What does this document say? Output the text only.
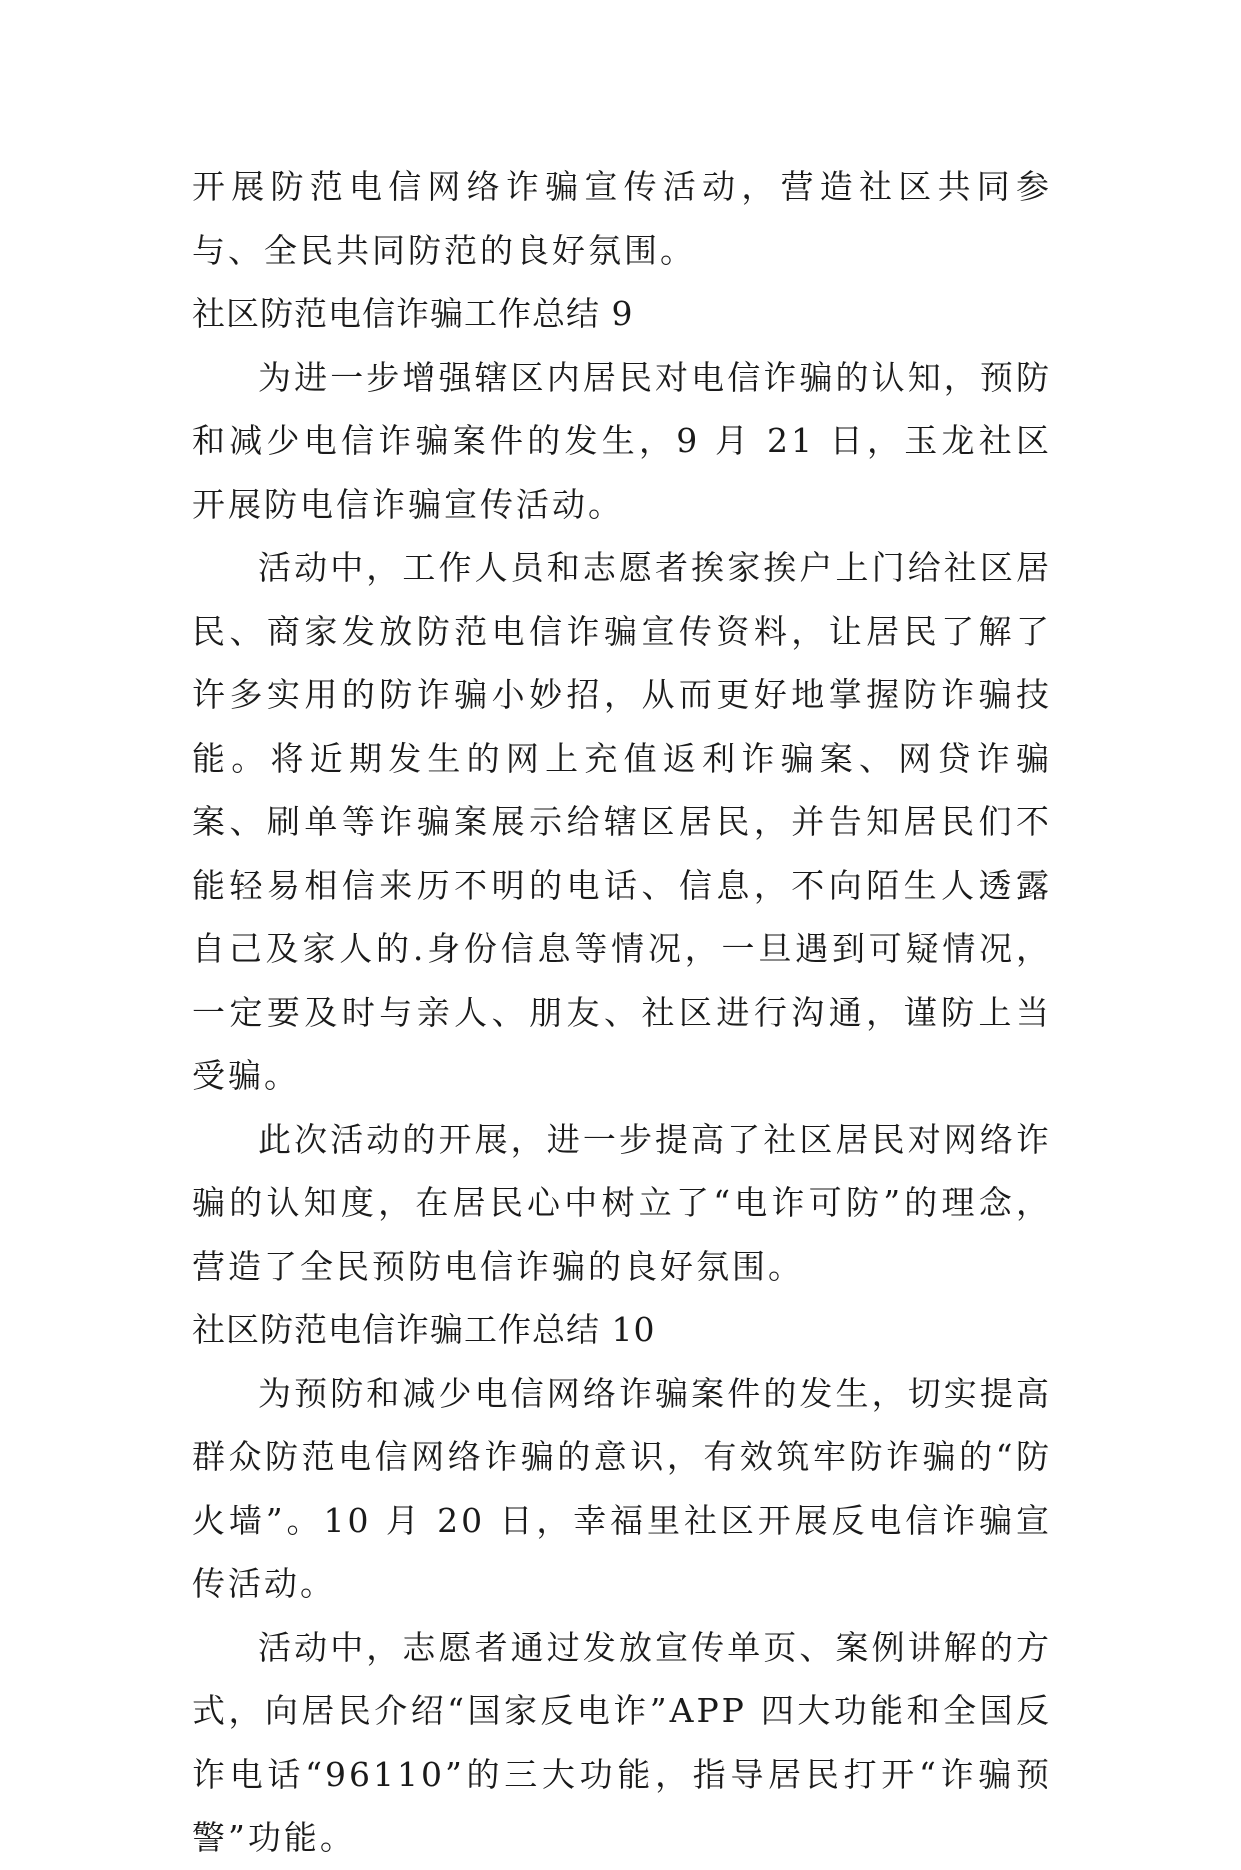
开展防范电信网络诈骗宣传活动，营造社区共同参与、全民共同防范的良好氛围。

社区防范电信诈骗工作总结 9

为进一步增强辖区内居民对电信诈骗的认知，预防和减少电信诈骗案件的发生，9 月 21 日，玉龙社区开展防电信诈骗宣传活动。

活动中，工作人员和志愿者挨家挨户上门给社区居民、商家发放防范电信诈骗宣传资料，让居民了解了许多实用的防诈骗小妙招，从而更好地掌握防诈骗技能。将近期发生的网上充值返利诈骗案、网贷诈骗案、刷单等诈骗案展示给辖区居民，并告知居民们不能轻易相信来历不明的电话、信息，不向陌生人透露自己及家人的.身份信息等情况，一旦遇到可疑情况，一定要及时与亲人、朋友、社区进行沟通，谨防上当受骗。

此次活动的开展，进一步提高了社区居民对网络诈骗的认知度，在居民心中树立了“电诈可防”的理念，营造了全民预防电信诈骗的良好氛围。

社区防范电信诈骗工作总结 10

为预防和减少电信网络诈骗案件的发生，切实提高群众防范电信网络诈骗的意识，有效筑牢防诈骗的“防火墙”。10 月 20 日，幸福里社区开展反电信诈骗宣传活动。

活动中，志愿者通过发放宣传单页、案例讲解的方式，向居民介绍“国家反电诈”APP 四大功能和全国反诈电话“96110”的三大功能，指导居民打开“诈骗预警”功能。
